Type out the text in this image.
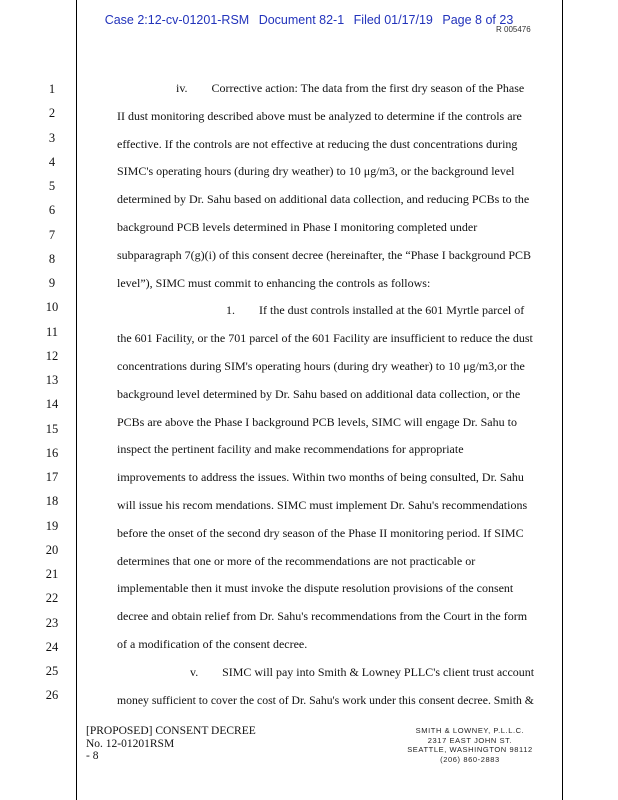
Case 2:12-cv-01201-RSM Document 82-1 Filed 01/17/19 Page 8 of 23
R 005476
1
2
3
4
5
6
7
8
9
10
11
12
13
14
15
16
17
18
19
20
21
22
23
24
25
26
iv.  Corrective action: The data from the first dry season of the Phase
II dust monitoring described above must be analyzed to determine if the controls are
effective. If the controls are not effective at reducing the dust concentrations during
SIMC's operating hours (during dry weather) to 10 μg/m3, or the background level
determined by Dr. Sahu based on additional data collection, and reducing PCBs to the
background PCB levels determined in Phase I monitoring completed under
subparagraph 7(g)(i) of this consent decree (hereinafter, the “Phase I background PCB
level”), SIMC must commit to enhancing the controls as follows:
1.  If the dust controls installed at the 601 Myrtle parcel of
the 601 Facility, or the 701 parcel of the 601 Facility are insufficient to reduce the dust
concentrations during SIM's operating hours (during dry weather) to 10 μg/m3,or the
background level determined by Dr. Sahu based on additional data collection, or the
PCBs are above the Phase I background PCB levels, SIMC will engage Dr. Sahu to
inspect the pertinent facility and make recommendations for appropriate
improvements to address the issues. Within two months of being consulted, Dr. Sahu
will issue his recom mendations. SIMC must implement Dr. Sahu's recommendations
before the onset of the second dry season of the Phase II monitoring period. If SIMC
determines that one or more of the recommendations are not practicable or
implementable then it must invoke the dispute resolution provisions of the consent
decree and obtain relief from Dr. Sahu's recommendations from the Court in the form
of a modification of the consent decree.
v.  SIMC will pay into Smith & Lowney PLLC's client trust account
money sufficient to cover the cost of Dr. Sahu's work under this consent decree. Smith &
[PROPOSED] CONSENT DECREE
No. 12-01201RSM
- 8
SMITH & LOWNEY, P.L.L.C.
2317 EAST JOHN ST.
SEATTLE, WASHINGTON 98112
(206) 860-2883
